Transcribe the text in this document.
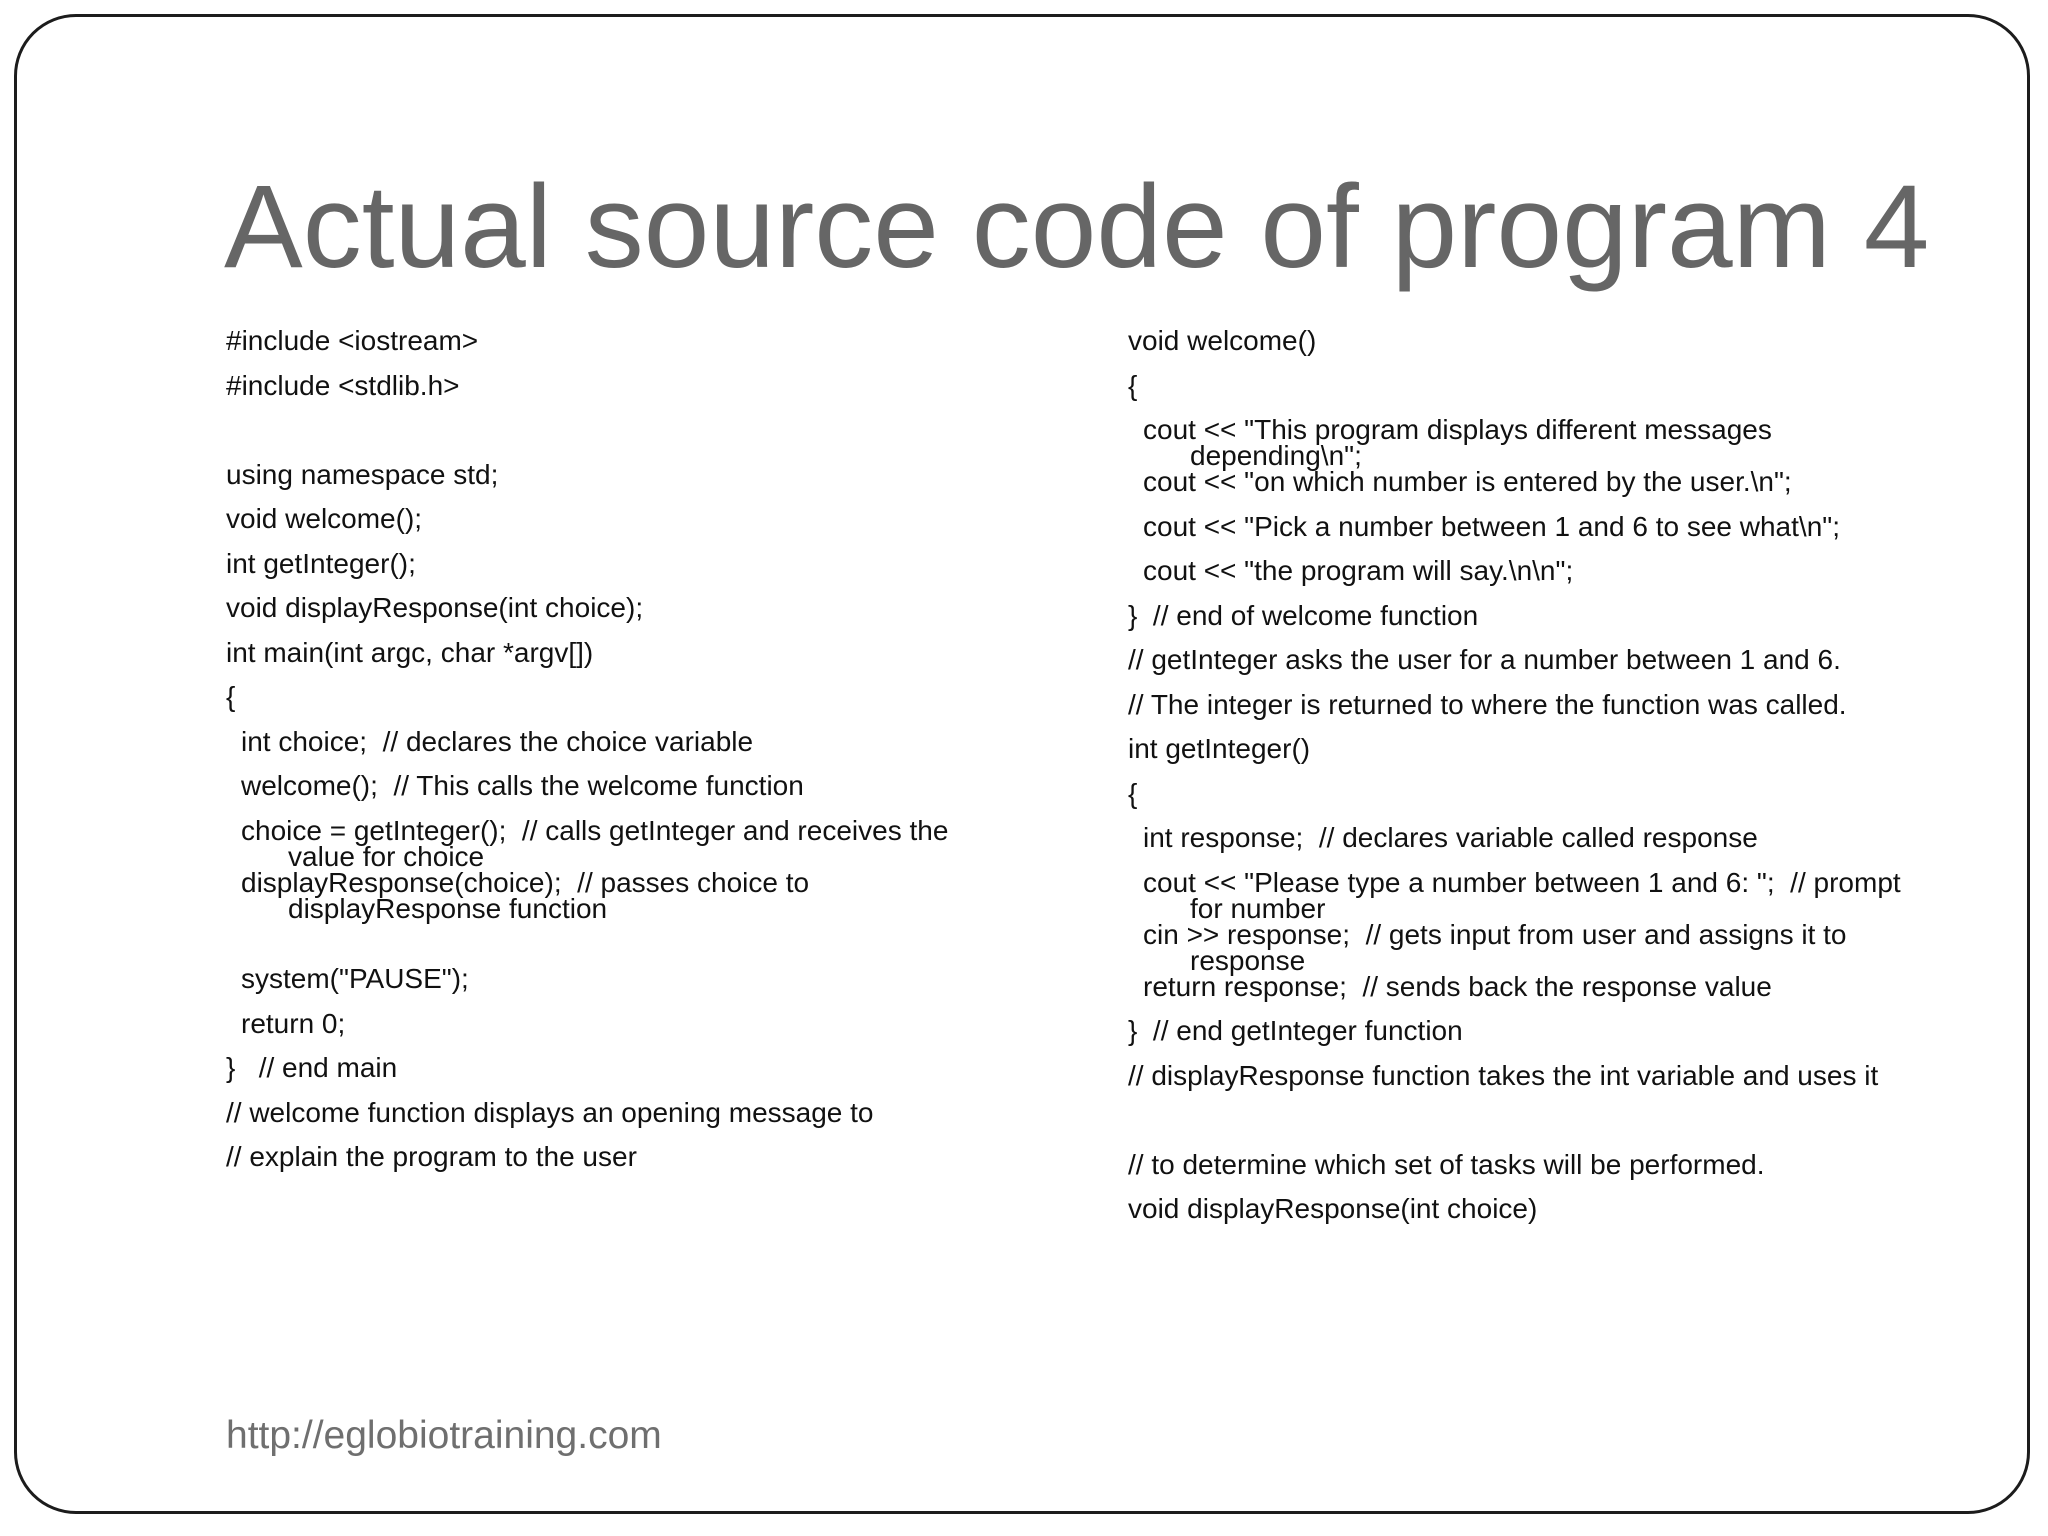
Actual source code of program 4
#include <iostream>
#include <stdlib.h>
using namespace std;
void welcome();
int getInteger();
void displayResponse(int choice);
int main(int argc, char *argv[])
{
int choice;  // declares the choice variable
welcome();  // This calls the welcome function
choice = getInteger();  // calls getInteger and receives the
value for choice
displayResponse(choice);  // passes choice to
displayResponse function
system("PAUSE");
return 0;
}   // end main
// welcome function displays an opening message to
// explain the program to the user
void welcome()
{
cout << "This program displays different messages
depending\n";
cout << "on which number is entered by the user.\n";
cout << "Pick a number between 1 and 6 to see what\n";
cout << "the program will say.\n\n";
}  // end of welcome function
// getInteger asks the user for a number between 1 and 6.
// The integer is returned to where the function was called.
int getInteger()
{
int response;  // declares variable called response
cout << "Please type a number between 1 and 6: ";  // prompt
for number
cin >> response;  // gets input from user and assigns it to
response
return response;  // sends back the response value
}  // end getInteger function
// displayResponse function takes the int variable and uses it
// to determine which set of tasks will be performed.
void displayResponse(int choice)
http://eglobiotraining.com
